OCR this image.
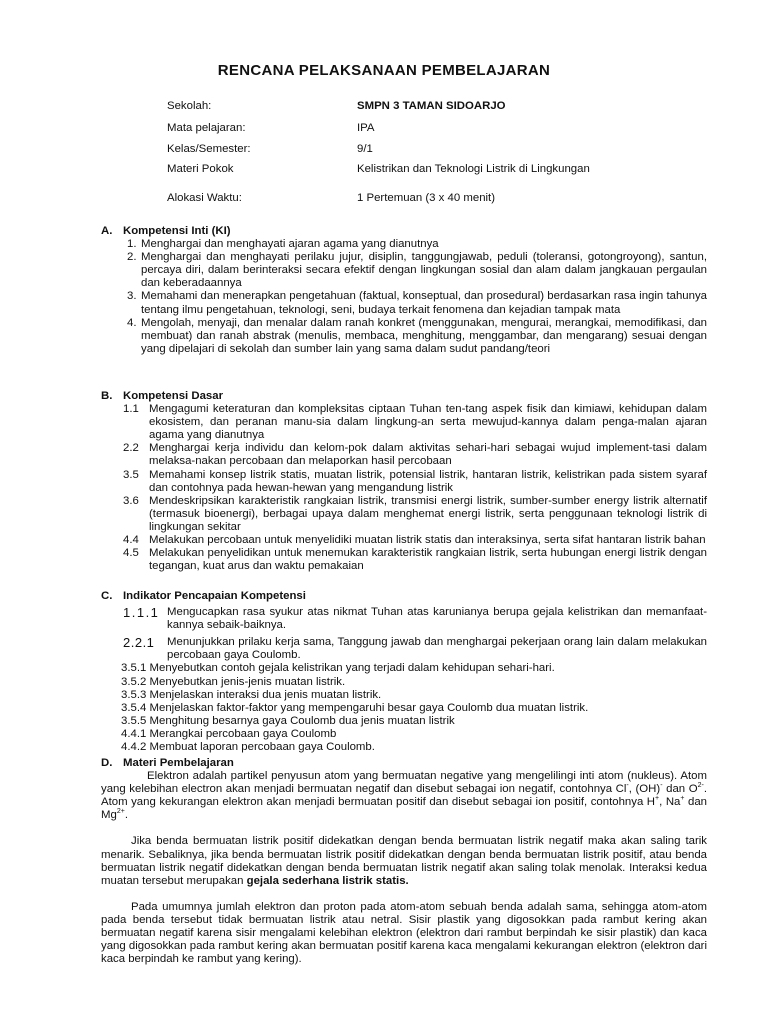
RENCANA PELAKSANAAN PEMBELAJARAN
Sekolah:	SMPN 3 TAMAN SIDOARJO
Mata pelajaran:	IPA
Kelas/Semester:	9/1
Materi Pokok	Kelistrikan dan Teknologi Listrik di Lingkungan
Alokasi Waktu:	1 Pertemuan (3 x 40 menit)
A. Kompetensi Inti (KI)
1. Menghargai dan menghayati ajaran agama yang dianutnya
2. Menghargai dan menghayati perilaku jujur, disiplin, tanggungjawab, peduli (toleransi, gotongroyong), santun, percaya diri, dalam berinteraksi secara efektif dengan lingkungan sosial dan alam dalam jangkauan pergaulan dan keberadaannya
3. Memahami dan menerapkan pengetahuan (faktual, konseptual, dan prosedural) berdasarkan rasa ingin tahunya tentang ilmu pengetahuan, teknologi, seni, budaya terkait fenomena dan kejadian tampak mata
4. Mengolah, menyaji, dan menalar dalam ranah konkret (menggunakan, mengurai, merangkai, memodifikasi, dan membuat) dan ranah abstrak (menulis, membaca, menghitung, menggambar, dan mengarang) sesuai dengan yang dipelajari di sekolah dan sumber lain yang sama dalam sudut pandang/teori
B. Kompetensi Dasar
1.1 Mengagumi keteraturan dan kompleksitas ciptaan Tuhan ten-tang aspek fisik dan kimiawi, kehidupan dalam ekosistem, dan peranan manu-sia dalam lingkung-an serta mewujud-kannya dalam penga-malan ajaran agama yang dianutnya
2.2 Menghargai kerja individu dan kelom-pok dalam aktivitas sehari-hari sebagai wujud implement-tasi dalam melaksa-nakan percobaan dan melaporkan hasil percobaan
3.5 Memahami konsep listrik statis, muatan listrik, potensial listrik, hantaran listrik, kelistrikan pada sistem syaraf dan contohnya pada hewan-hewan yang mengandung listrik
3.6 Mendeskripsikan karakteristik rangkaian listrik, transmisi energi listrik, sumber-sumber energy listrik alternatif (termasuk bioenergi), berbagai upaya dalam menghemat energi listrik, serta penggunaan teknologi listrik di lingkungan sekitar
4.4 Melakukan percobaan untuk menyelidiki muatan listrik statis dan interaksinya, serta sifat hantaran listrik bahan
4.5 Melakukan penyelidikan untuk menemukan karakteristik rangkaian listrik, serta hubungan energi listrik dengan tegangan, kuat arus dan waktu pemakaian
C. Indikator Pencapaian Kompetensi
1.1.1 Mengucapkan rasa syukur atas nikmat Tuhan atas karunianya berupa gejala kelistrikan dan memanfaat-kannya sebaik-baiknya.
2.2.1 Menunjukkan prilaku kerja sama, Tanggung jawab dan menghargai pekerjaan orang lain dalam melakukan percobaan gaya Coulomb.
3.5.1 Menyebutkan contoh gejala kelistrikan yang terjadi dalam kehidupan sehari-hari.
3.5.2 Menyebutkan jenis-jenis muatan listrik.
3.5.3 Menjelaskan interaksi dua jenis muatan listrik.
3.5.4 Menjelaskan faktor-faktor yang mempengaruhi besar gaya Coulomb dua muatan listrik.
3.5.5 Menghitung besarnya gaya Coulomb dua jenis muatan listrik
4.4.1 Merangkai percobaan gaya Coulomb
4.4.2 Membuat laporan percobaan gaya Coulomb.
D. Materi Pembelajaran
Elektron adalah partikel penyusun atom yang bermuatan negative yang mengelilingi inti atom (nukleus). Atom yang kelebihan electron akan menjadi bermuatan negatif dan disebut sebagai ion negatif, contohnya Cl-, (OH)- dan $O^{2-}$. Atom yang kekurangan elektron akan menjadi bermuatan positif dan disebut sebagai ion positif, contohnya H+, Na+ dan $Mg^{2+}$.
Jika benda bermuatan listrik positif didekatkan dengan benda bermuatan listrik negatif maka akan saling tarik menarik. Sebaliknya, jika benda bermuatan listrik positif didekatkan dengan benda bermuatan listrik positif, atau benda bermuatan listrik negatif didekatkan dengan benda bermuatan listrik negatif akan saling tolak menolak. Interaksi kedua muatan tersebut merupakan gejala sederhana listrik statis.
Pada umumnya jumlah elektron dan proton pada atom-atom sebuah benda adalah sama, sehingga atom-atom pada benda tersebut tidak bermuatan listrik atau netral. Sisir plastik yang digosokkan pada rambut kering akan bermuatan negatif karena sisir mengalami kelebihan elektron (elektron dari rambut berpindah ke sisir plastik) dan kaca yang digosokkan pada rambut kering akan bermuatan positif karena kaca mengalami kekurangan elektron (elektron dari kaca berpindah ke rambut yang kering).
